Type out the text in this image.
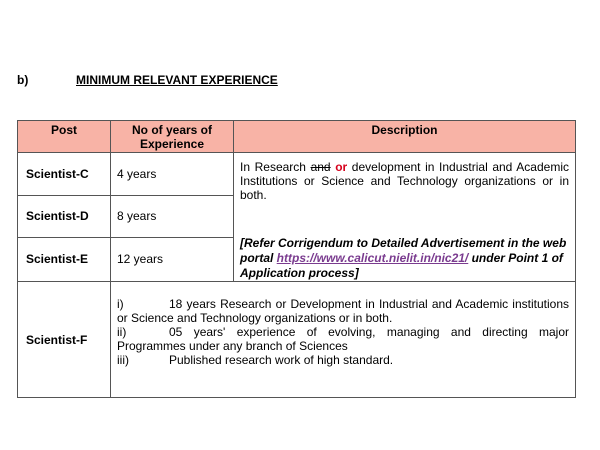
b)	MINIMUM RELEVANT EXPERIENCE
Post	No of years of Experience	Description
Scientist-C	4 years	In Research and or development in Industrial and Academic Institutions or Science and Technology organizations or in both.
[Refer Corrigendum to Detailed Advertisement in the web portal https://www.calicut.nielit.in/nic21/ under Point 1 of Application process]

Scientist-D	8 years	
Scientist-E	12 years	
Scientist-F	i) 18 years Research or Development in Industrial and Academic institutions or Science and Technology organizations or in both.
ii) 05 years' experience of evolving, managing and directing major Programmes under any branch of Sciences
iii) Published research work of high standard.	
